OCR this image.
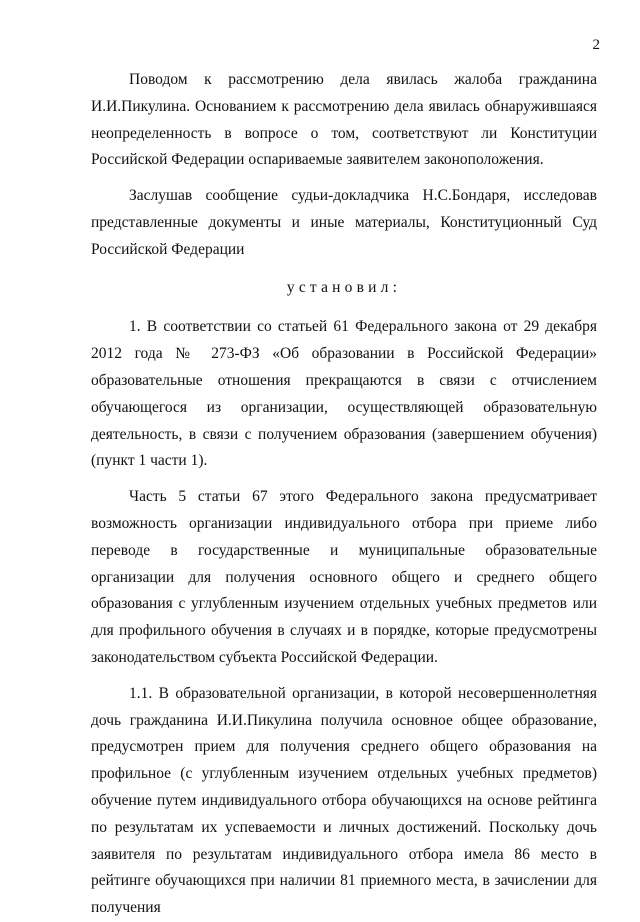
2

Поводом к рассмотрению дела явилась жалоба гражданина И.И.Пикулина. Основанием к рассмотрению дела явилась обнаружившаяся неопределенность в вопросе о том, соответствуют ли Конституции Российской Федерации оспариваемые заявителем законоположения.

Заслушав сообщение судьи-докладчика Н.С.Бондаря, исследовав представленные документы и иные материалы, Конституционный Суд Российской Федерации

установил:

1. В соответствии со статьей 61 Федерального закона от 29 декабря 2012 года № 273-ФЗ «Об образовании в Российской Федерации» образовательные отношения прекращаются в связи с отчислением обучающегося из организации, осуществляющей образовательную деятельность, в связи с получением образования (завершением обучения) (пункт 1 части 1).

Часть 5 статьи 67 этого Федерального закона предусматривает возможность организации индивидуального отбора при приеме либо переводе в государственные и муниципальные образовательные организации для получения основного общего и среднего общего образования с углубленным изучением отдельных учебных предметов или для профильного обучения в случаях и в порядке, которые предусмотрены законодательством субъекта Российской Федерации.

1.1. В образовательной организации, в которой несовершеннолетняя дочь гражданина И.И.Пикулина получила основное общее образование, предусмотрен прием для получения среднего общего образования на профильное (с углубленным изучением отдельных учебных предметов) обучение путем индивидуального отбора обучающихся на основе рейтинга по результатам их успеваемости и личных достижений. Поскольку дочь заявителя по результатам индивидуального отбора имела 86 место в рейтинге обучающихся при наличии 81 приемного места, в зачислении для получения
